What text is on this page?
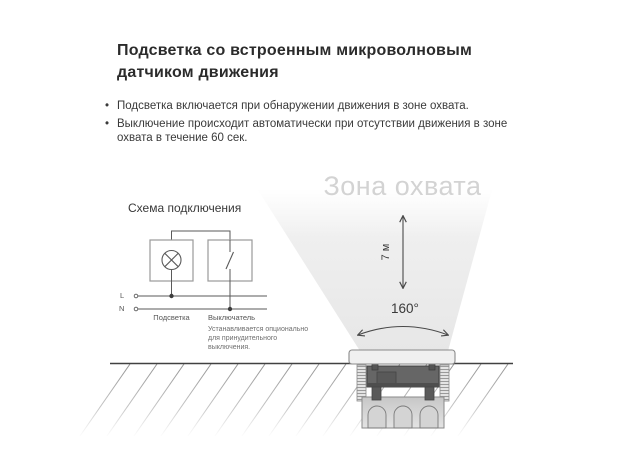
Подсветка со встроенным микроволновым датчиком движения
• Подсветка включается при обнаружении движения в зоне охвата.
• Выключение происходит автоматически при отсутствии движения в зоне охвата в течение 60 сек.
Зона охвата
Схема подключения
L
N
Подсветка	Выключатель
Устанавливается опционально для принудительного выключения.
7 м
160°
